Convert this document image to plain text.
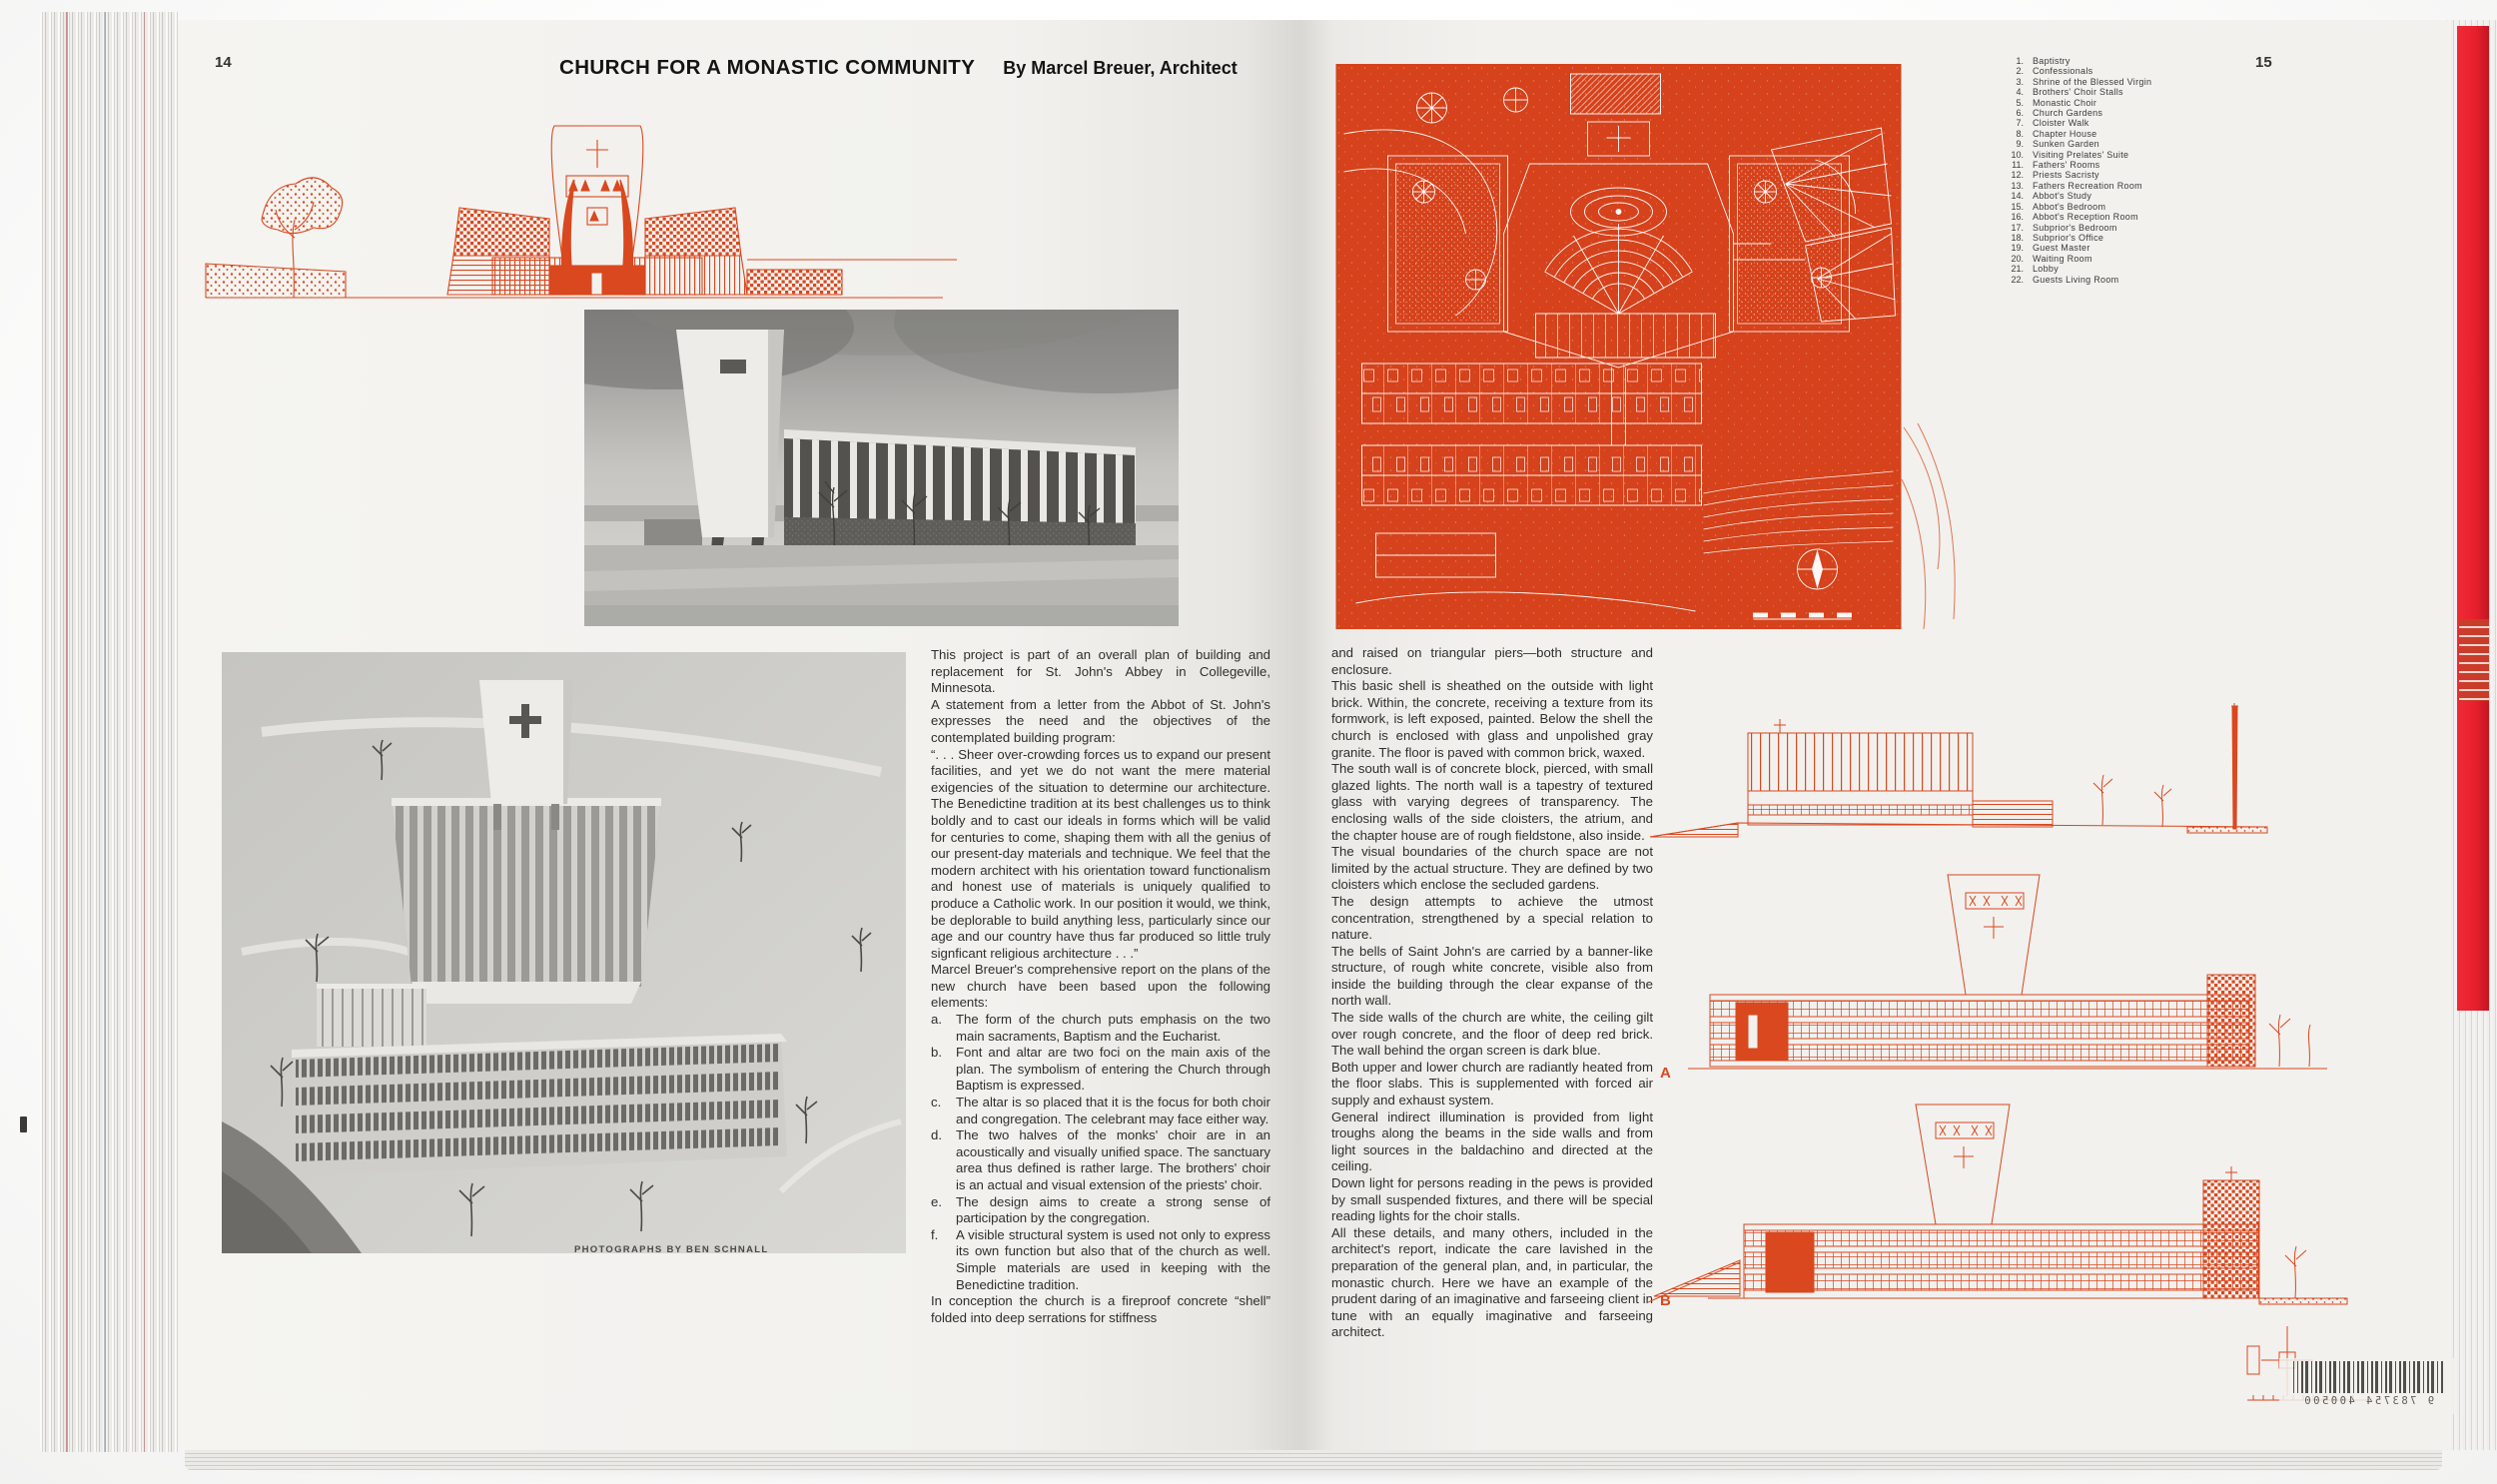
14	CHURCH FOR A MONASTIC COMMUNITY By Marcel Breuer, Architect
PHOTOGRAPHS BY BEN SCHNALL

This project is part of an overall plan of building and replacement for St. John's Abbey in Collegeville, Minnesota.

A statement from a letter from the Abbot of St. John's expresses the need and the objectives of the contemplated building program:

“. . . Sheer over-crowding forces us to expand our present facilities, and yet we do not want the mere material exigencies of the situation to determine our architecture. The Benedictine tradition at its best challenges us to think boldly and to cast our ideals in forms which will be valid for centuries to come, shaping them with all the genius of our present-day materials and technique. We feel that the modern architect with his orientation toward functionalism and honest use of materials is uniquely qualified to produce a Catholic work. In our position it would, we think, be deplorable to build anything less, particularly since our age and our country have thus far produced so little truly signficant religious architecture . . .”

Marcel Breuer's comprehensive report on the plans of the new church have been based upon the following elements:

a.	The form of the church puts emphasis on the two main sacraments, Baptism and the Eucharist.
b.	Font and altar are two foci on the main axis of the plan. The symbolism of entering the Church through Baptism is expressed.
c.	The altar is so placed that it is the focus for both choir and congregation. The celebrant may face either way.
d.	The two halves of the monks' choir are in an acoustically and visually unified space. The sanctuary area thus defined is rather large. The brothers' choir is an actual and visual extension of the priests' choir.
e.	The design aims to create a strong sense of participation by the congregation.
f.	A visible structural system is used not only to express its own function but also that of the church as well. Simple materials are used in keeping with the Benedictine tradition.

In conception the church is a fireproof concrete “shell” folded into deep serrations for stiffness

15
1.	Baptistry
2.	Confessionals
3.	Shrine of the Blessed Virgin
4.	Brothers' Choir Stalls
5.	Monastic Choir
6.	Church Gardens
7.	Cloister Walk
8.	Chapter House
9.	Sunken Garden
10.	Visiting Prelates' Suite
11.	Fathers' Rooms
12.	Priests Sacristy
13.	Fathers Recreation Room
14.	Abbot's Study
15.	Abbot's Bedroom
16.	Abbot's Reception Room
17.	Subprior's Bedroom
18.	Subprior's Office
19.	Guest Master
20.	Waiting Room
21.	Lobby
22.	Guests Living Room

and raised on triangular piers—both structure and enclosure.

This basic shell is sheathed on the outside with light brick. Within, the concrete, receiving a texture from its formwork, is left exposed, painted. Below the shell the church is enclosed with glass and unpolished gray granite. The floor is paved with common brick, waxed.

The south wall is of concrete block, pierced, with small glazed lights. The north wall is a tapestry of textured glass with varying degrees of transparency. The enclosing walls of the side cloisters, the atrium, and the chapter house are of rough fieldstone, also inside.

The visual boundaries of the church space are not limited by the actual structure. They are defined by two cloisters which enclose the secluded gardens.

The design attempts to achieve the utmost concentration, strengthened by a special relation to nature.

The bells of Saint John's are carried by a banner-like structure, of rough white concrete, visible also from inside the building through the clear expanse of the north wall.

The side walls of the church are white, the ceiling gilt over rough concrete, and the floor of deep red brick. The wall behind the organ screen is dark blue.

Both upper and lower church are radiantly heated from the floor slabs. This is supplemented with forced air supply and exhaust system.

General indirect illumination is provided from light troughs along the beams in the side walls and from light sources in the baldachino and directed at the ceiling.

Down light for persons reading in the pews is provided by small suspended fixtures, and there will be special reading lights for the choir stalls.

All these details, and many others, included in the architect's report, indicate the care lavished in the preparation of the general plan, and, in particular, the monastic church. Here we have an example of the prudent daring of an imaginative and farseeing client in tune with an equally imaginative and farseeing architect.

A
B
9 783754 400500
